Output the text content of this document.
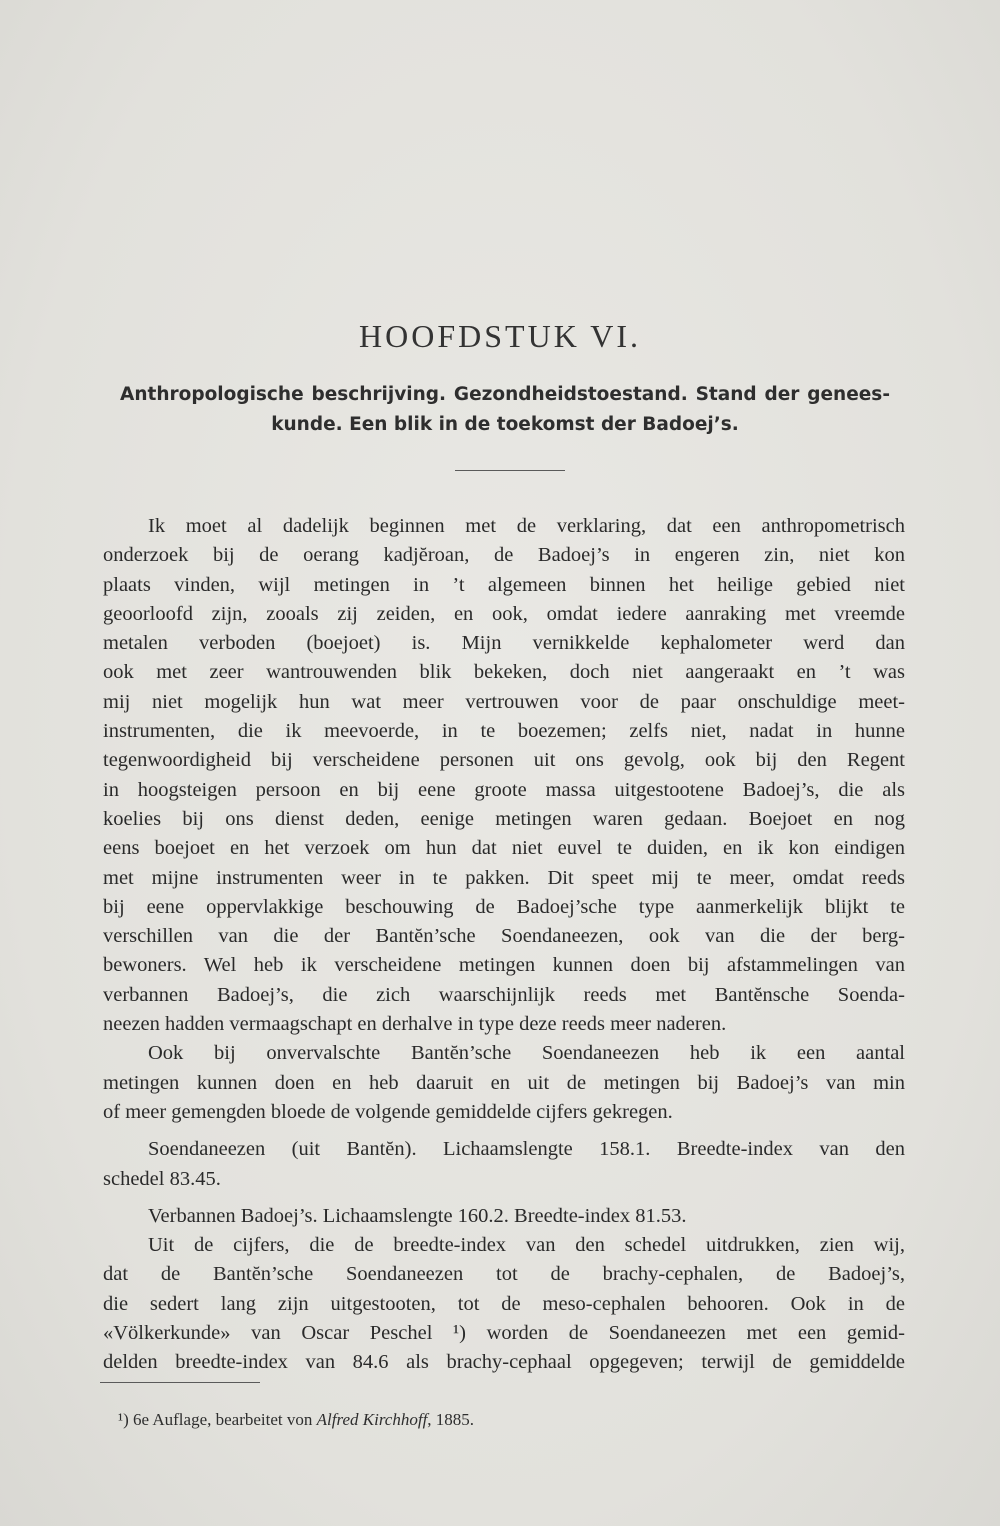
HOOFDSTUK VI.
Anthropologische beschrijving. Gezondheidstoestand. Stand der genees-
kunde. Een blik in de toekomst der Badoej’s.
Ik moet al dadelijk beginnen met de verklaring, dat een anthropometrisch
onderzoek bij de oerang kadjĕroan, de Badoej’s in engeren zin, niet kon
plaats vinden, wijl metingen in ’t algemeen binnen het heilige gebied niet
geoorloofd zijn, zooals zij zeiden, en ook, omdat iedere aanraking met vreemde
metalen verboden (boejoet) is. Mijn vernikkelde kephalometer werd dan
ook met zeer wantrouwenden blik bekeken, doch niet aangeraakt en ’t was
mij niet mogelijk hun wat meer vertrouwen voor de paar onschuldige meet-
instrumenten, die ik meevoerde, in te boezemen; zelfs niet, nadat in hunne
tegenwoordigheid bij verscheidene personen uit ons gevolg, ook bij den Regent
in hoogsteigen persoon en bij eene groote massa uitgestootene Badoej’s, die als
koelies bij ons dienst deden, eenige metingen waren gedaan. Boejoet en nog
eens boejoet en het verzoek om hun dat niet euvel te duiden, en ik kon eindigen
met mijne instrumenten weer in te pakken. Dit speet mij te meer, omdat reeds
bij eene oppervlakkige beschouwing de Badoej’sche type aanmerkelijk blijkt te
verschillen van die der Bantĕn’sche Soendaneezen, ook van die der berg-
bewoners. Wel heb ik verscheidene metingen kunnen doen bij afstammelingen van
verbannen Badoej’s, die zich waarschijnlijk reeds met Bantĕnsche Soenda-
neezen hadden vermaagschapt en derhalve in type deze reeds meer naderen.
Ook bij onvervalschte Bantĕn’sche Soendaneezen heb ik een aantal
metingen kunnen doen en heb daaruit en uit de metingen bij Badoej’s van min
of meer gemengden bloede de volgende gemiddelde cijfers gekregen.
Soendaneezen (uit Bantĕn). Lichaamslengte 158.1. Breedte-index van den
schedel 83.45.
Verbannen Badoej’s. Lichaamslengte 160.2. Breedte-index 81.53.
Uit de cijfers, die de breedte-index van den schedel uitdrukken, zien wij,
dat de Bantĕn’sche Soendaneezen tot de brachy-cephalen, de Badoej’s,
die sedert lang zijn uitgestooten, tot de meso-cephalen behooren. Ook in de
«Völkerkunde» van Oscar Peschel ¹) worden de Soendaneezen met een gemid-
delden breedte-index van 84.6 als brachy-cephaal opgegeven; terwijl de gemiddelde
¹) 6e Auflage, bearbeitet von Alfred Kirchhoff, 1885.
